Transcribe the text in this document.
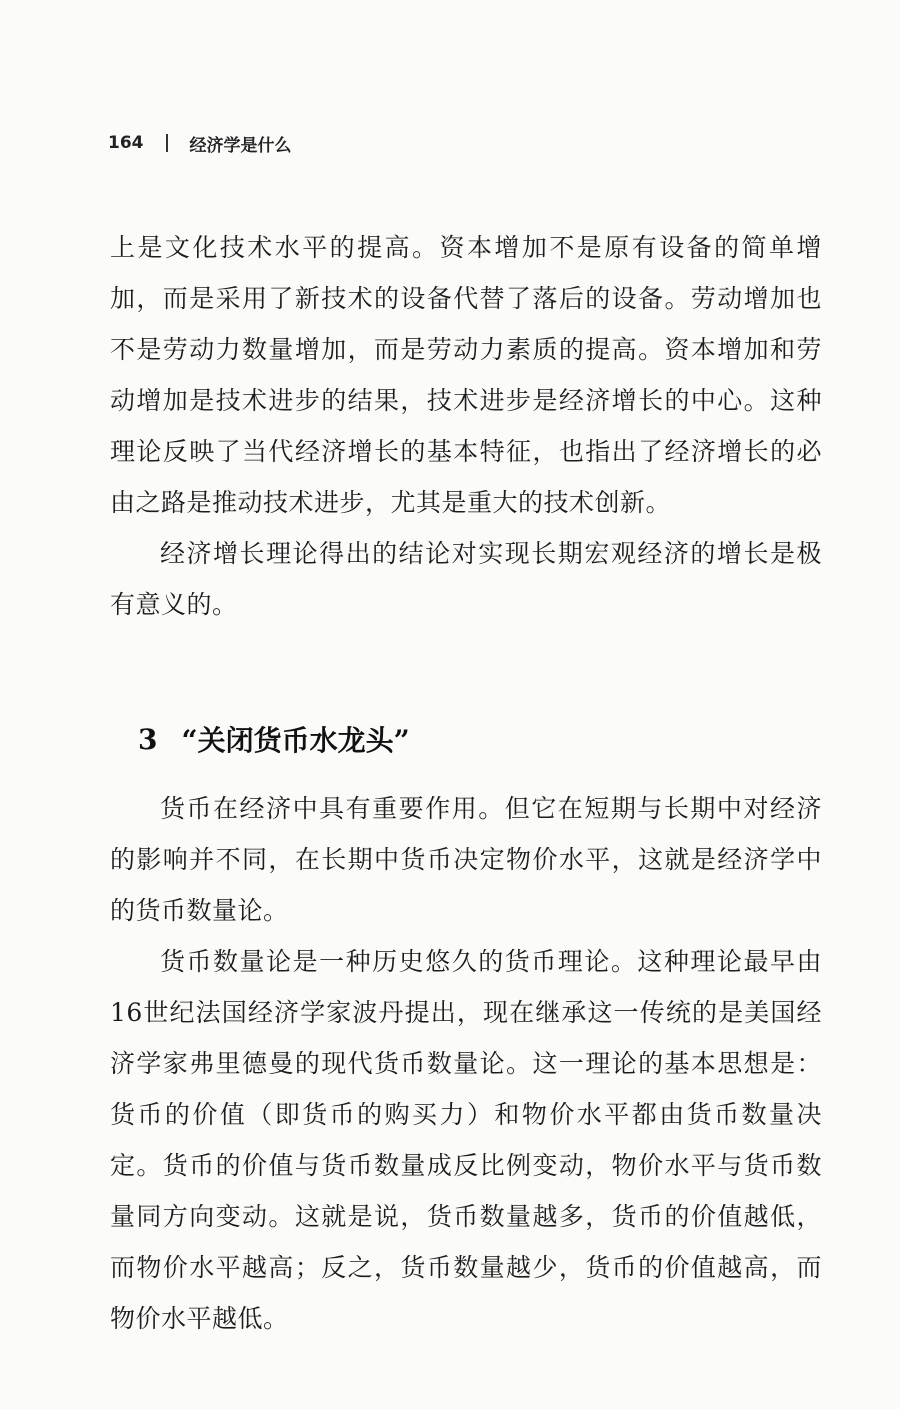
164	经济学是什么

上是文化技术水平的提高。资本增加不是原有设备的简单增加，而是采用了新技术的设备代替了落后的设备。劳动增加也不是劳动力数量增加，而是劳动力素质的提高。资本增加和劳动增加是技术进步的结果，技术进步是经济增长的中心。这种理论反映了当代经济增长的基本特征，也指出了经济增长的必由之路是推动技术进步，尤其是重大的技术创新。

经济增长理论得出的结论对实现长期宏观经济的增长是极有意义的。

3 “关闭货币水龙头”

货币在经济中具有重要作用。但它在短期与长期中对经济的影响并不同，在长期中货币决定物价水平，这就是经济学中的货币数量论。

货币数量论是一种历史悠久的货币理论。这种理论最早由16世纪法国经济学家波丹提出，现在继承这一传统的是美国经济学家弗里德曼的现代货币数量论。这一理论的基本思想是：货币的价值（即货币的购买力）和物价水平都由货币数量决定。货币的价值与货币数量成反比例变动，物价水平与货币数量同方向变动。这就是说，货币数量越多，货币的价值越低，而物价水平越高；反之，货币数量越少，货币的价值越高，而物价水平越低。
